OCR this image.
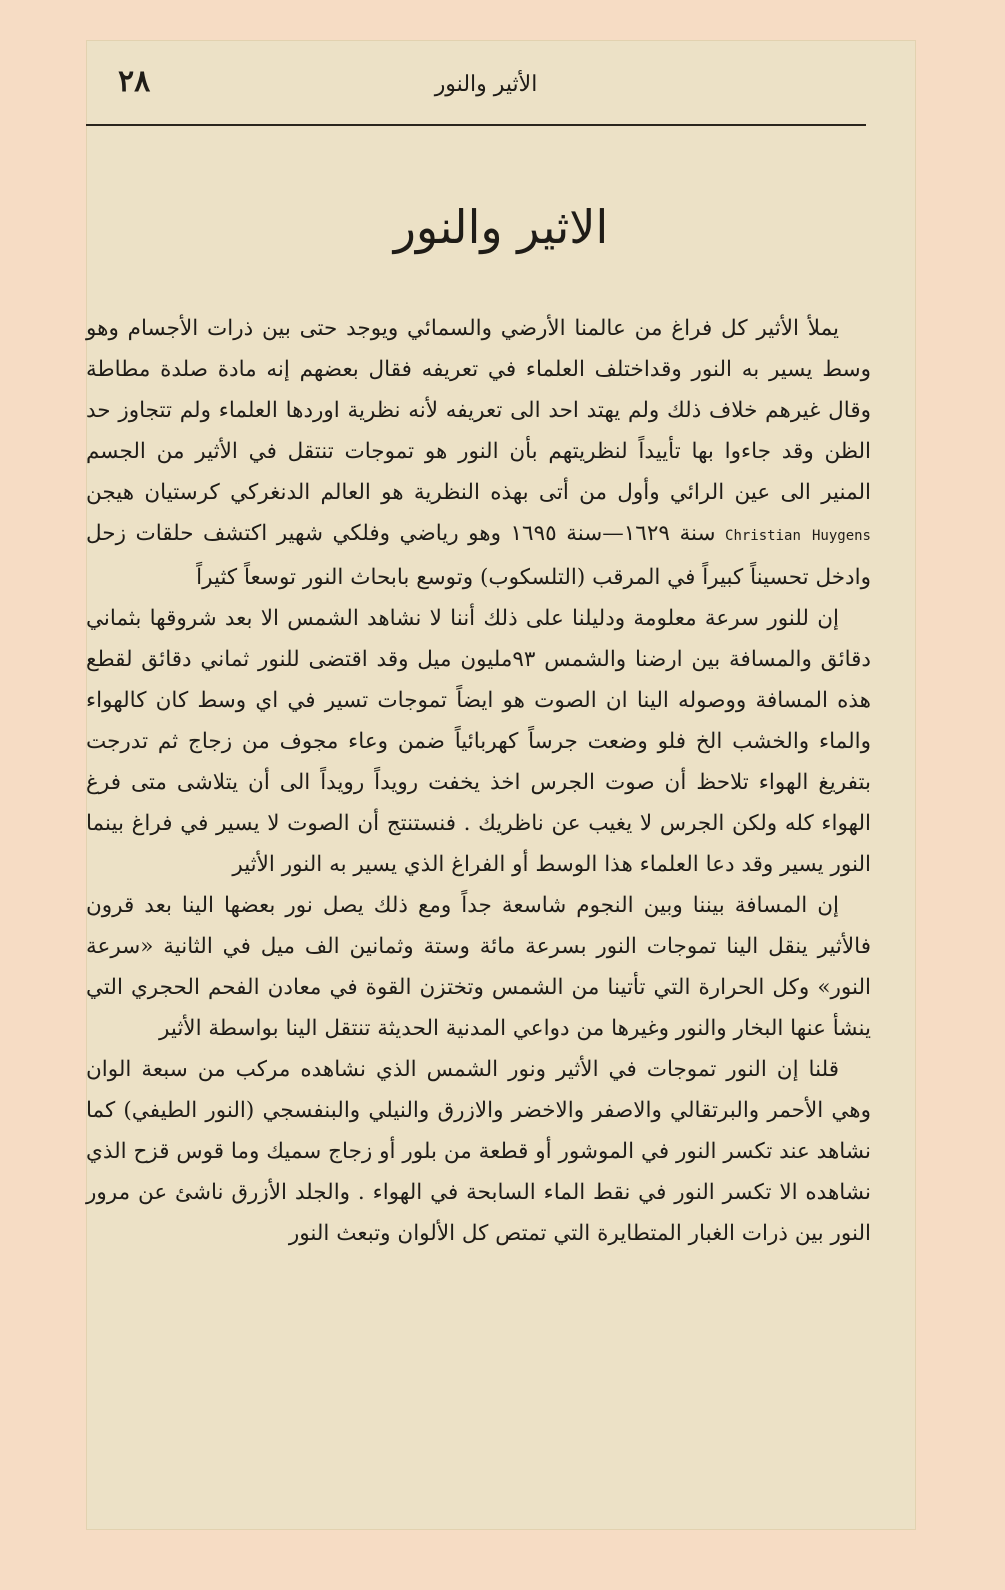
٢٨	الأثير والنور
الاثير والنور

يملأ الأثير كل فراغ من عالمنا الأرضي والسمائي ويوجد حتى بين ذرات الأجسام وهو وسط يسير به النور وقداختلف العلماء في تعريفه فقال بعضهم إنه مادة صلدة مطاطة وقال غيرهم خلاف ذلك ولم يهتد احد الى تعريفه لأنه نظرية اوردها العلماء ولم تتجاوز حد الظن وقد جاءوا بها تأييداً لنظريتهم بأن النور هو تموجات تنتقل في الأثير من الجسم المنير الى عين الرائي وأول من أتى بهذه النظرية هو العالم الدنغركي كرستيان هيجن Christian Huygens سنة ١٦٢٩—سنة ١٦٩٥ وهو رياضي وفلكي شهير اكتشف حلقات زحل وادخل تحسيناً كبيراً في المرقب (التلسكوب) وتوسع بابحاث النور توسعاً كثيراً

إن للنور سرعة معلومة ودليلنا على ذلك أننا لا نشاهد الشمس الا بعد شروقها بثماني دقائق والمسافة بين ارضنا والشمس ٩٣مليون ميل وقد اقتضى للنور ثماني دقائق لقطع هذه المسافة ووصوله الينا ان الصوت هو ايضاً تموجات تسير في اي وسط كان كالهواء والماء والخشب الخ فلو وضعت جرساً كهربائياً ضمن وعاء مجوف من زجاج ثم تدرجت بتفريغ الهواء تلاحظ أن صوت الجرس اخذ يخفت رويداً رويداً الى أن يتلاشى متى فرغ الهواء كله ولكن الجرس لا يغيب عن ناظريك . فنستنتج أن الصوت لا يسير في فراغ بينما النور يسير وقد دعا العلماء هذا الوسط أو الفراغ الذي يسير به النور الأثير

إن المسافة بيننا وبين النجوم شاسعة جداً ومع ذلك يصل نور بعضها الينا بعد قرون فالأثير ينقل الينا تموجات النور بسرعة مائة وستة وثمانين الف ميل في الثانية «سرعة النور» وكل الحرارة التي تأتينا من الشمس وتختزن القوة في معادن الفحم الحجري التي ينشأ عنها البخار والنور وغيرها من دواعي المدنية الحديثة تنتقل الينا بواسطة الأثير

قلنا إن النور تموجات في الأثير ونور الشمس الذي نشاهده مركب من سبعة الوان وهي الأحمر والبرتقالي والاصفر والاخضر والازرق والنيلي والبنفسجي (النور الطيفي) كما نشاهد عند تكسر النور في الموشور أو قطعة من بلور أو زجاج سميك وما قوس قزح الذي نشاهده الا تكسر النور في نقط الماء السابحة في الهواء . والجلد الأزرق ناشئ عن مرور النور بين ذرات الغبار المتطايرة التي تمتص كل الألوان وتبعث النور
